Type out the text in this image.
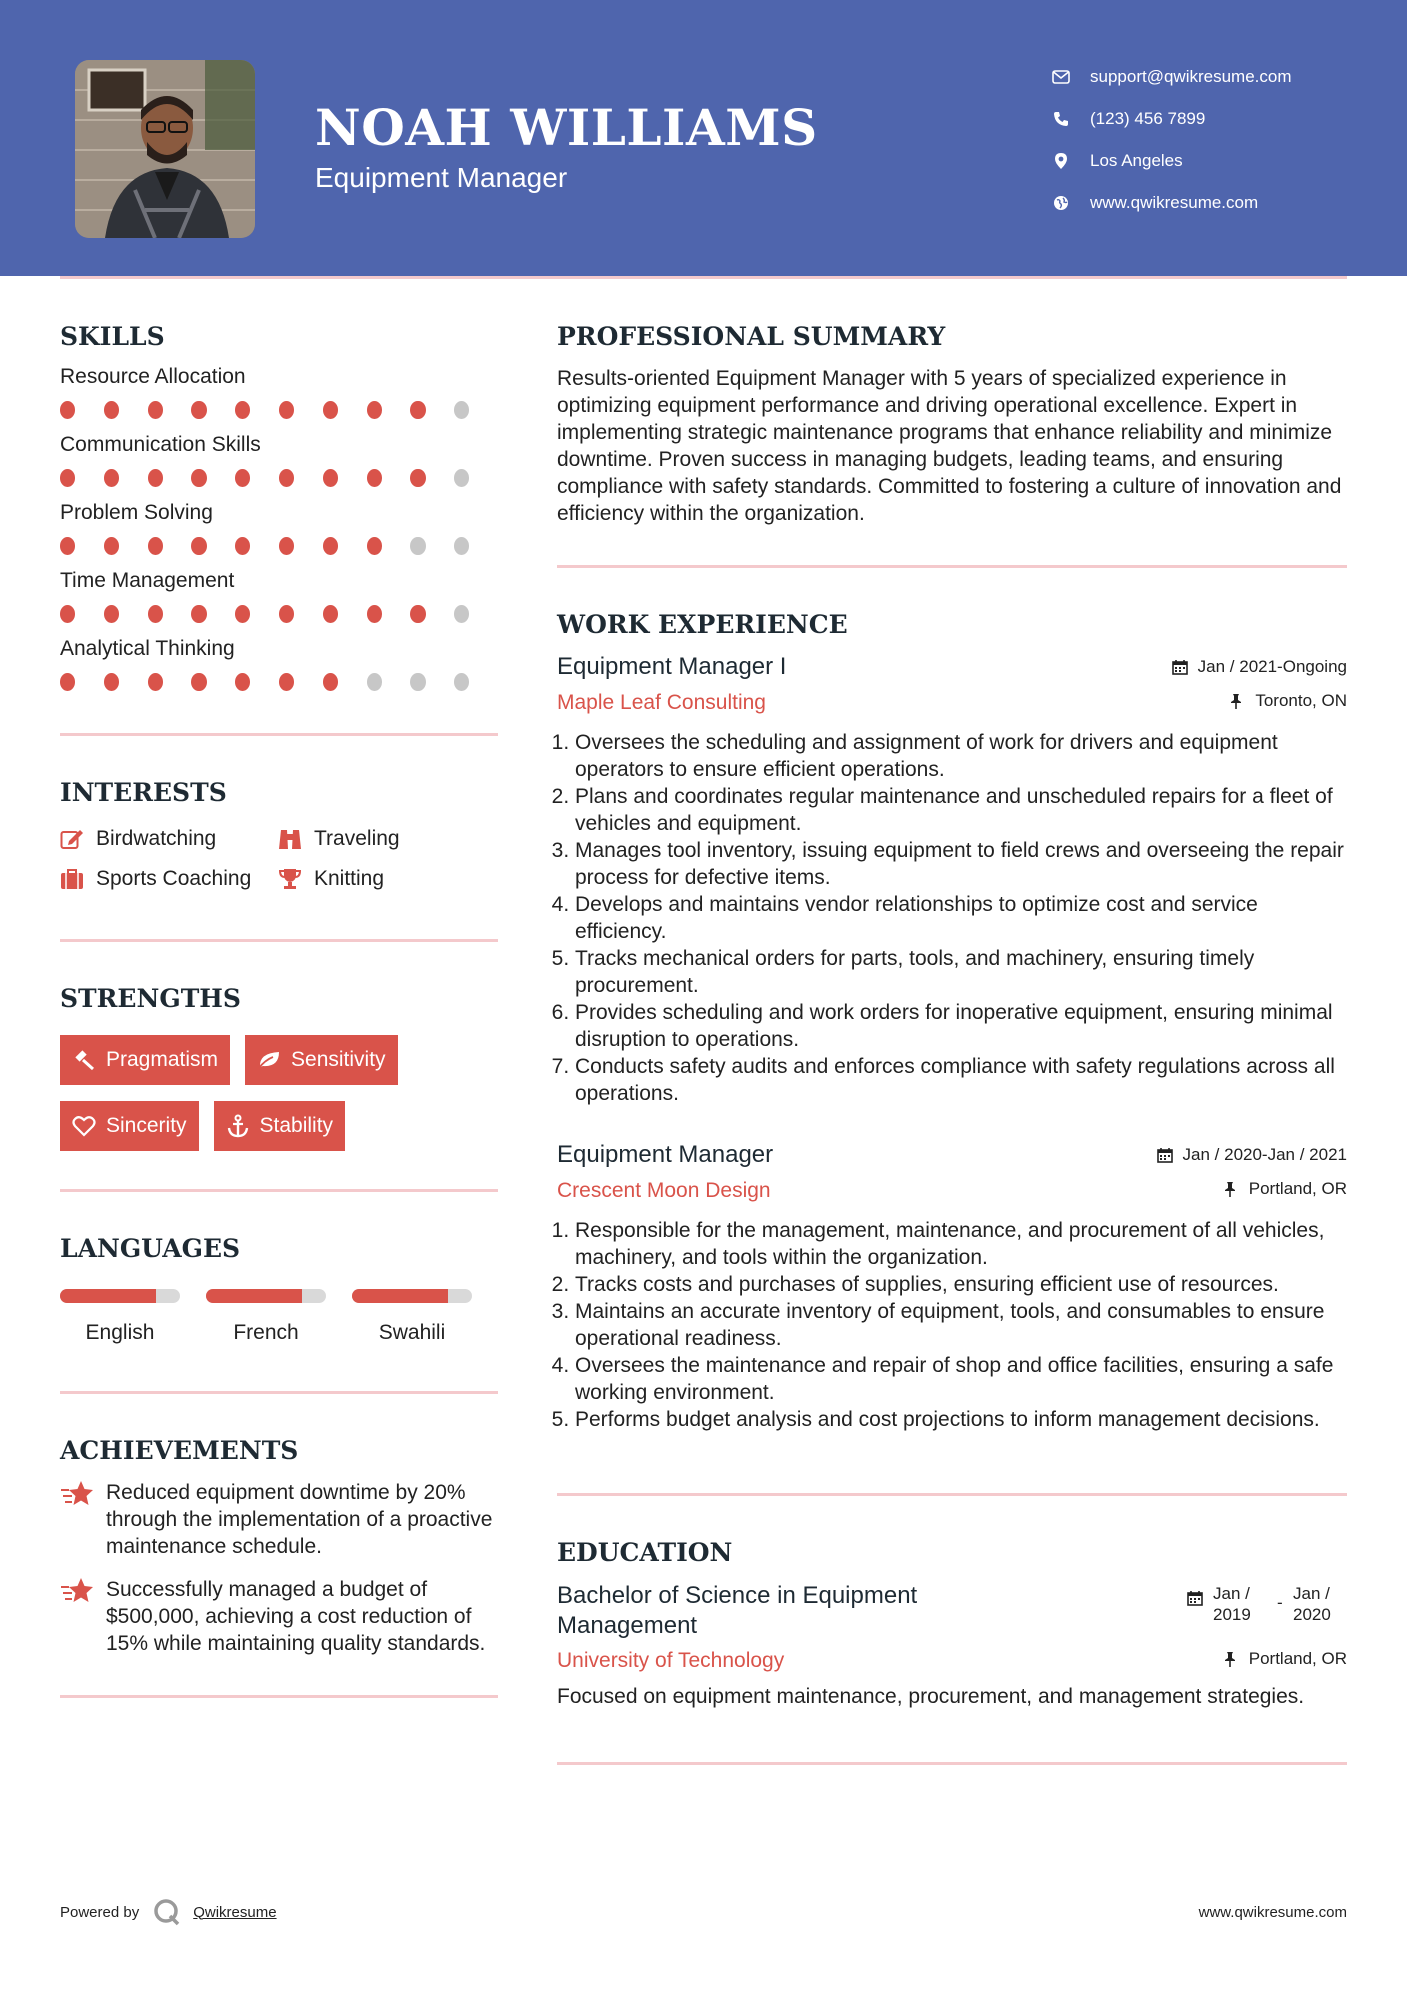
NOAH WILLIAMS
Equipment Manager
support@qwikresume.com
(123) 456 7899
Los Angeles
www.qwikresume.com
SKILLS
Resource Allocation
Communication Skills
Problem Solving
Time Management
Analytical Thinking
INTERESTS
Birdwatching	Traveling
Sports Coaching	Knitting
STRENGTHS
Pragmatism	Sensitivity
Sincerity	Stability
LANGUAGES
English	French	Swahili
ACHIEVEMENTS
Reduced equipment downtime by 20% through the implementation of a proactive maintenance schedule.
Successfully managed a budget of $500,000, achieving a cost reduction of 15% while maintaining quality standards.
PROFESSIONAL SUMMARY
Results-oriented Equipment Manager with 5 years of specialized experience in optimizing equipment performance and driving operational excellence. Expert in implementing strategic maintenance programs that enhance reliability and minimize downtime. Proven success in managing budgets, leading teams, and ensuring compliance with safety standards. Committed to fostering a culture of innovation and efficiency within the organization.
WORK EXPERIENCE
Equipment Manager I	Jan / 2021-Ongoing
Maple Leaf Consulting	Toronto, ON
1. Oversees the scheduling and assignment of work for drivers and equipment operators to ensure efficient operations.
2. Plans and coordinates regular maintenance and unscheduled repairs for a fleet of vehicles and equipment.
3. Manages tool inventory, issuing equipment to field crews and overseeing the repair process for defective items.
4. Develops and maintains vendor relationships to optimize cost and service efficiency.
5. Tracks mechanical orders for parts, tools, and machinery, ensuring timely procurement.
6. Provides scheduling and work orders for inoperative equipment, ensuring minimal disruption to operations.
7. Conducts safety audits and enforces compliance with safety regulations across all operations.
Equipment Manager	Jan / 2020-Jan / 2021
Crescent Moon Design	Portland, OR
1. Responsible for the management, maintenance, and procurement of all vehicles, machinery, and tools within the organization.
2. Tracks costs and purchases of supplies, ensuring efficient use of resources.
3. Maintains an accurate inventory of equipment, tools, and consumables to ensure operational readiness.
4. Oversees the maintenance and repair of shop and office facilities, ensuring a safe working environment.
5. Performs budget analysis and cost projections to inform management decisions.
EDUCATION
Bachelor of Science in Equipment Management
Jan / 2019
- Jan / 2020
University of Technology	Portland, OR
Focused on equipment maintenance, procurement, and management strategies.
Powered by	Qwikresume	www.qwikresume.com
